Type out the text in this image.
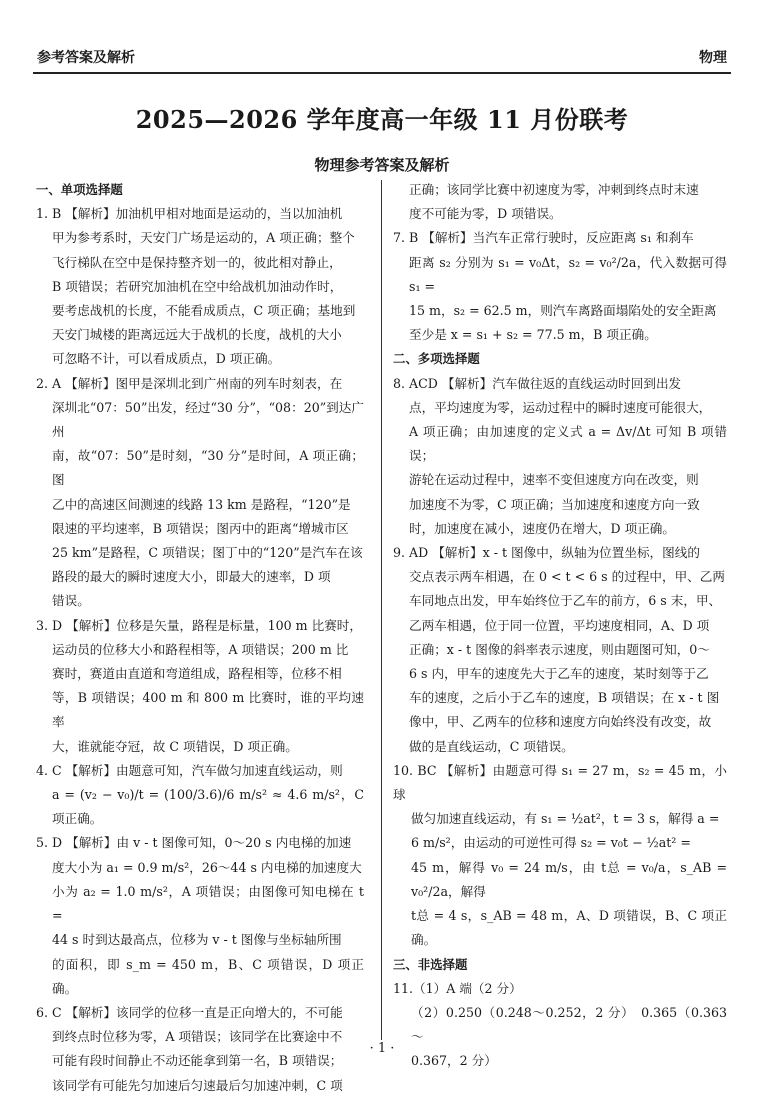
参考答案及解析	物理
2025—2026 学年度高一年级 11 月份联考
物理参考答案及解析

一、单项选择题

1. B 【解析】加油机甲相对地面是运动的，当以加油机

甲为参考系时，天安门广场是运动的，A 项正确；整个

飞行梯队在空中是保持整齐划一的，彼此相对静止，

B 项错误；若研究加油机在空中给战机加油动作时，

要考虑战机的长度，不能看成质点，C 项正确；基地到

天安门城楼的距离远远大于战机的长度，战机的大小

可忽略不计，可以看成质点，D 项正确。

2. A 【解析】图甲是深圳北到广州南的列车时刻表，在

深圳北“07：50”出发，经过“30 分”，“08：20”到达广州

南，故“07：50”是时刻，“30 分”是时间，A 项正确；图

乙中的高速区间测速的线路 13 km 是路程，“120”是

限速的平均速率，B 项错误；图丙中的距离“增城市区

25 km”是路程，C 项错误；图丁中的“120”是汽车在该

路段的最大的瞬时速度大小，即最大的速率，D 项

错误。

3. D 【解析】位移是矢量，路程是标量，100 m 比赛时，

运动员的位移大小和路程相等，A 项错误；200 m 比

赛时，赛道由直道和弯道组成，路程相等，位移不相

等，B 项错误；400 m 和 800 m 比赛时，谁的平均速率

大，谁就能夺冠，故 C 项错误，D 项正确。

4. C 【解析】由题意可知，汽车做匀加速直线运动，则

a = (v₂ − v₀)/t = (100/3.6)/6 m/s² ≈ 4.6 m/s²，C 项正确。

5. D 【解析】由 v - t 图像可知，0～20 s 内电梯的加速

度大小为 a₁ = 0.9 m/s²，26～44 s 内电梯的加速度大

小为 a₂ = 1.0 m/s²，A 项错误；由图像可知电梯在 t =

44 s 时到达最高点，位移为 v - t 图像与坐标轴所围

的面积，即 s_m = 450 m，B、C 项错误，D 项正确。

6. C 【解析】该同学的位移一直是正向增大的，不可能

到终点时位移为零，A 项错误；该同学在比赛途中不

可能有段时间静止不动还能拿到第一名，B 项错误；

该同学有可能先匀加速后匀速最后匀加速冲刺，C 项

正确；该同学比赛中初速度为零，冲刺到终点时末速

度不可能为零，D 项错误。

7. B 【解析】当汽车正常行驶时，反应距离 s₁ 和刹车

距离 s₂ 分别为 s₁ = v₀Δt，s₂ = v₀²/2a，代入数据可得 s₁ =

15 m，s₂ = 62.5 m，则汽车离路面塌陷处的安全距离

至少是 x = s₁ + s₂ = 77.5 m，B 项正确。

二、多项选择题

8. ACD 【解析】汽车做往返的直线运动时回到出发

点，平均速度为零，运动过程中的瞬时速度可能很大，

A 项正确；由加速度的定义式 a = Δv/Δt 可知 B 项错误；

游轮在运动过程中，速率不变但速度方向在改变，则

加速度不为零，C 项正确；当加速度和速度方向一致

时，加速度在减小，速度仍在增大，D 项正确。

9. AD 【解析】x - t 图像中，纵轴为位置坐标，图线的

交点表示两车相遇，在 0 < t < 6 s 的过程中，甲、乙两

车同地点出发，甲车始终位于乙车的前方，6 s 末，甲、

乙两车相遇，位于同一位置，平均速度相同，A、D 项

正确；x - t 图像的斜率表示速度，则由题图可知，0～

6 s 内，甲车的速度先大于乙车的速度，某时刻等于乙

车的速度，之后小于乙车的速度，B 项错误；在 x - t 图

像中，甲、乙两车的位移和速度方向始终没有改变，故

做的是直线运动，C 项错误。

10. BC 【解析】由题意可得 s₁ = 27 m，s₂ = 45 m，小球

做匀加速直线运动，有 s₁ = ½at²，t = 3 s，解得 a =

6 m/s²，由运动的可逆性可得 s₂ = v₀t − ½at² =

45 m，解得 v₀ = 24 m/s，由 t总 = v₀/a，s_AB = v₀²/2a，解得

t总 = 4 s，s_AB = 48 m，A、D 项错误，B、C 项正确。

三、非选择题

11.（1）A 端（2 分）

（2）0.250（0.248～0.252，2 分）　0.365（0.363～

0.367，2 分）

· 1 ·
